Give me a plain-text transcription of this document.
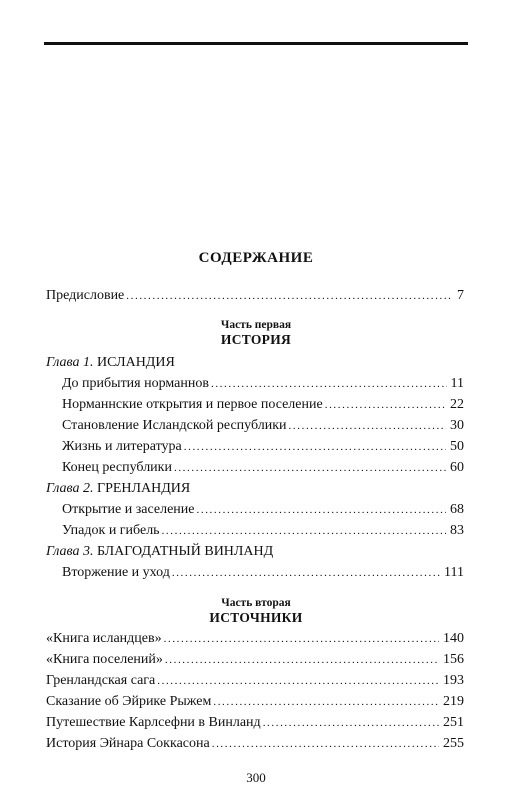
СОДЕРЖАНИЕ
Предисловие .....	7
Часть первая
ИСТОРИЯ
Глава 1. ИСЛАНДИЯ
До прибытия норманнов .....	11
Норманнские открытия и первое поселение .....	22
Становление Исландской республики .....	30
Жизнь и литература .....	50
Конец республики .....	60
Глава 2. ГРЕНЛАНДИЯ
Открытие и заселение .....	68
Упадок и гибель .....	83
Глава 3. БЛАГОДАТНЫЙ ВИНЛАНД
Вторжение и уход .....	111
Часть вторая
ИСТОЧНИКИ
«Книга исландцев» .....	140
«Книга поселений» .....	156
Гренландская сага .....	193
Сказание об Эйрике Рыжем .....	219
Путешествие Карлсефни в Винланд .....	251
История Эйнара Соккасона .....	255
300
